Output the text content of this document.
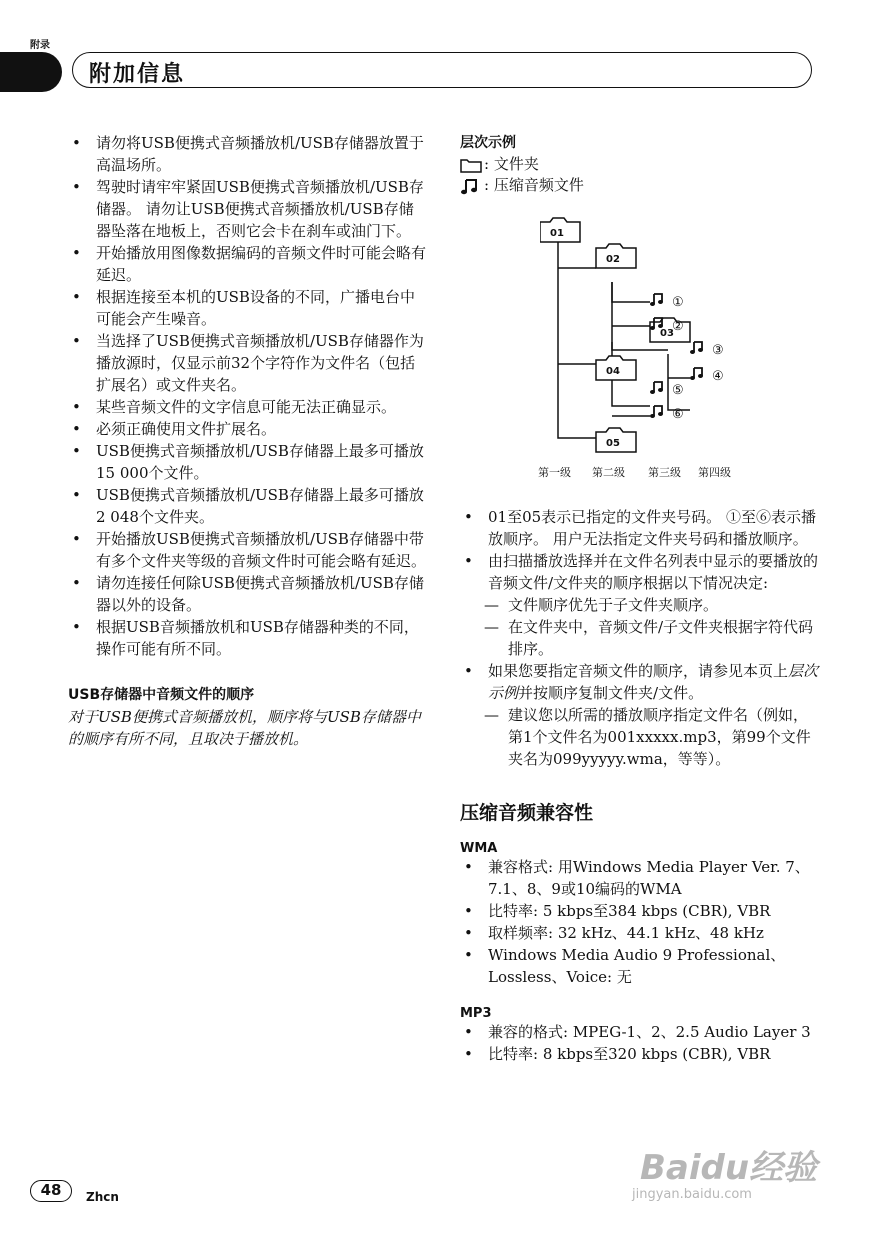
附录
附加信息
• 请勿将USB便携式音频播放机/USB存储器放置于高温场所。
• 驾驶时请牢牢紧固USB便携式音频播放机/USB存储器。 请勿让USB便携式音频播放机/USB存储器坠落在地板上，否则它会卡在刹车或油门下。
• 开始播放用图像数据编码的音频文件时可能会略有延迟。
• 根据连接至本机的USB设备的不同，广播电台中可能会产生噪音。
• 当选择了USB便携式音频播放机/USB存储器作为播放源时，仅显示前32个字符作为文件名（包括扩展名）或文件夹名。
• 某些音频文件的文字信息可能无法正确显示。
• 必须正确使用文件扩展名。
• USB便携式音频播放机/USB存储器上最多可播放15 000个文件。
• USB便携式音频播放机/USB存储器上最多可播放2 048个文件夹。
• 开始播放USB便携式音频播放机/USB存储器中带有多个文件夹等级的音频文件时可能会略有延迟。
• 请勿连接任何除USB便携式音频播放机/USB存储器以外的设备。
• 根据USB音频播放机和USB存储器种类的不同，操作可能有所不同。
USB存储器中音频文件的顺序

对于USB便携式音频播放机，顺序将与USB存储器中的顺序有所不同，且取决于播放机。

层次示例
: 文件夹
: 压缩音频文件
01
02
03
04
05
①
②
③
④
⑤
⑥
第一级	第二级	第三级	第四级
• 01至05表示已指定的文件夹号码。 ①至⑥表示播放顺序。 用户无法指定文件夹号码和播放顺序。
• 由扫描播放选择并在文件名列表中显示的要播放的音频文件/文件夹的顺序根据以下情况决定:
— 文件顺序优先于子文件夹顺序。
— 在文件夹中，音频文件/子文件夹根据字符代码排序。
• 如果您要指定音频文件的顺序，请参见本页上层次示例并按顺序复制文件夹/文件。
— 建议您以所需的播放顺序指定文件名（例如，第1个文件名为001xxxxx.mp3，第99个文件夹名为099yyyyy.wma，等等）。
压缩音频兼容性
WMA
• 兼容格式: 用Windows Media Player Ver. 7、7.1、8、9或10编码的WMA
• 比特率: 5 kbps至384 kbps (CBR), VBR
• 取样频率: 32 kHz、44.1 kHz、48 kHz
• Windows Media Audio 9 Professional、Lossless、Voice: 无
MP3
• 兼容的格式: MPEG-1、2、2.5 Audio Layer 3
• 比特率: 8 kbps至320 kbps (CBR), VBR
48	Zhcn
Baidu经验
jingyan.baidu.com
